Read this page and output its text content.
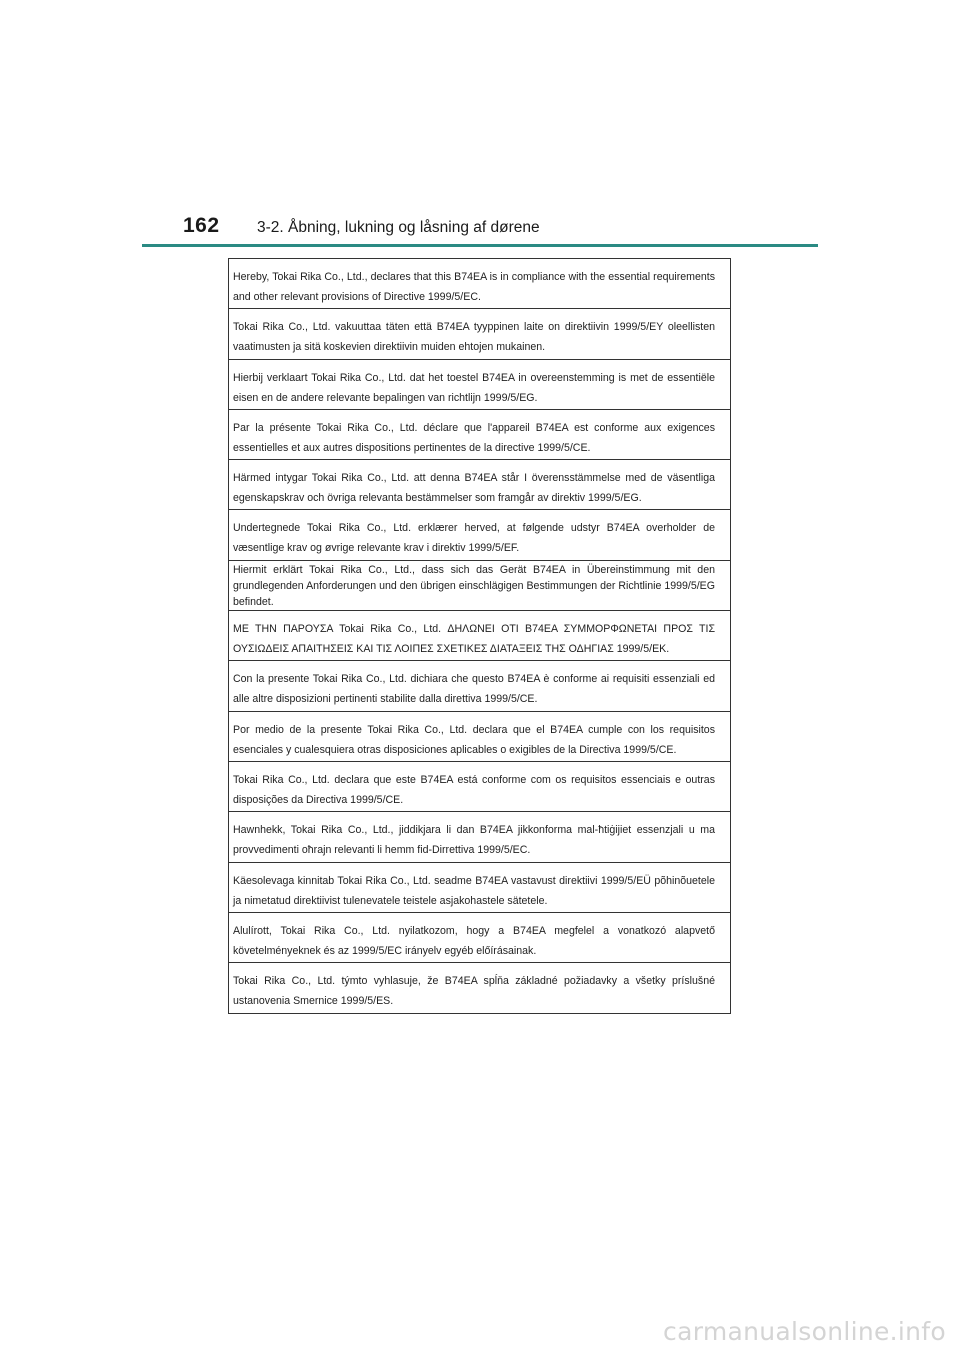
162 3-2. Åbning, lukning og låsning af dørene

Hereby, Tokai Rika Co., Ltd., declares that this B74EA is in compliance with the essential requirements and other relevant provisions of Directive 1999/5/EC.

Tokai Rika Co., Ltd. vakuuttaa täten että B74EA tyyppinen laite on direktiivin 1999/5/EY oleellisten vaatimusten ja sitä koskevien direktiivin muiden ehtojen mukainen.

Hierbij verklaart Tokai Rika Co., Ltd. dat het toestel B74EA in overeenstemming is met de essentiële eisen en de andere relevante bepalingen van richtlijn 1999/5/EG.

Par la présente Tokai Rika Co., Ltd. déclare que l'appareil B74EA est conforme aux exigences essentielles et aux autres dispositions pertinentes de la directive 1999/5/CE.

Härmed intygar Tokai Rika Co., Ltd. att denna B74EA står I överensstämmelse med de väsentliga egenskapskrav och övriga relevanta bestämmelser som framgår av direktiv 1999/5/EG.

Undertegnede Tokai Rika Co., Ltd. erklærer herved, at følgende udstyr B74EA overholder de væsentlige krav og øvrige relevante krav i direktiv 1999/5/EF.

Hiermit erklärt Tokai Rika Co., Ltd., dass sich das Gerät B74EA in Übereinstimmung mit den grundlegenden Anforderungen und den übrigen einschlägigen Bestimmungen der Richtlinie 1999/5/EG befindet.

ΜΕ ΤΗΝ ΠΑΡΟΥΣΑ Tokai Rika Co., Ltd. ΔΗΛΩΝΕΙ ΟΤΙ B74EA ΣΥΜΜΟΡΦΩΝΕΤΑΙ ΠΡΟΣ ΤΙΣ ΟΥΣΙΩΔΕΙΣ ΑΠΑΙΤΗΣΕΙΣ ΚΑΙ ΤΙΣ ΛΟΙΠΕΣ ΣΧΕΤΙΚΕΣ ΔΙΑΤΑΞΕΙΣ ΤΗΣ ΟΔΗΓΙΑΣ 1999/5/ΕΚ.

Con la presente Tokai Rika Co., Ltd. dichiara che questo B74EA è conforme ai requisiti essenziali ed alle altre disposizioni pertinenti stabilite dalla direttiva 1999/5/CE.

Por medio de la presente Tokai Rika Co., Ltd. declara que el B74EA cumple con los requisitos esenciales y cualesquiera otras disposiciones aplicables o exigibles de la Directiva 1999/5/CE.

Tokai Rika Co., Ltd. declara que este B74EA está conforme com os requisitos essenciais e outras disposições da Directiva 1999/5/CE.

Hawnhekk, Tokai Rika Co., Ltd., jiddikjara li dan B74EA jikkonforma mal-ħtiġijiet essenzjali u ma provvedimenti oħrajn relevanti li hemm fid-Dirrettiva 1999/5/EC.

Käesolevaga kinnitab Tokai Rika Co., Ltd. seadme B74EA vastavust direktiivi 1999/5/EÜ põhinõuetele ja nimetatud direktiivist tulenevatele teistele asjakohastele sätetele.

Alulírott, Tokai Rika Co., Ltd. nyilatkozom, hogy a B74EA megfelel a vonatkozó alapvető követelményeknek és az 1999/5/EC irányelv egyéb előírásainak.

Tokai Rika Co., Ltd. týmto vyhlasuje, že B74EA spĺňa základné požiadavky a všetky príslušné ustanovenia Smernice 1999/5/ES.

carmanualsonline.info
